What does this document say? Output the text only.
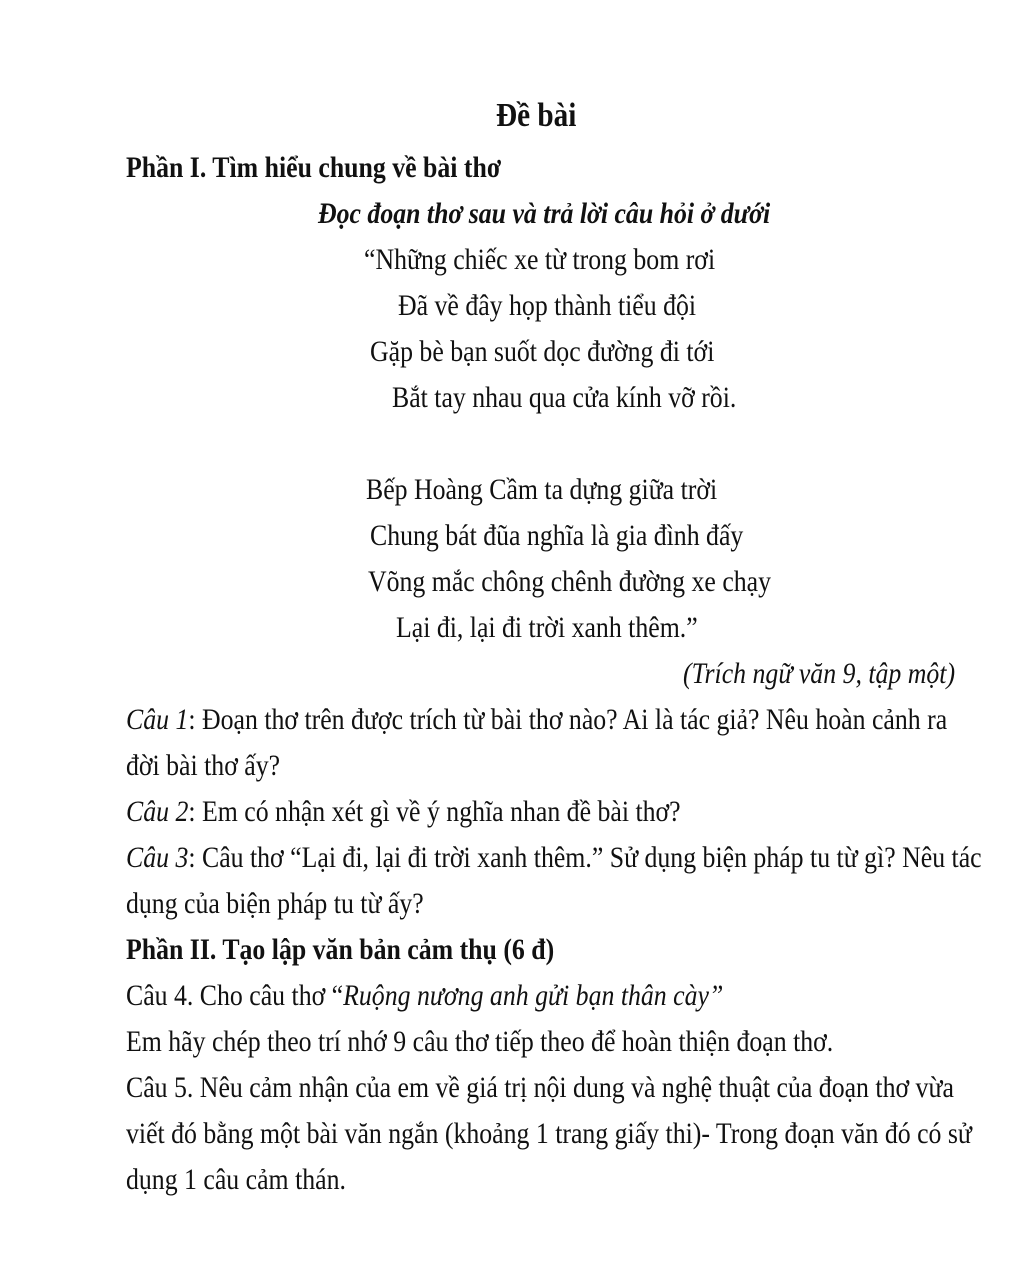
Đề bài
Phần I. Tìm hiểu chung về bài thơ
Đọc đoạn thơ sau và trả lời câu hỏi ở dưới
“Những chiếc xe từ trong bom rơi
Đã về đây họp thành tiểu đội
Gặp bè bạn suốt dọc đường đi tới
Bắt tay nhau qua cửa kính vỡ rồi.
Bếp Hoàng Cầm ta dựng giữa trời
Chung bát đũa nghĩa là gia đình đấy
Võng mắc chông chênh đường xe chạy
Lại đi, lại đi trời xanh thêm.”
(Trích ngữ văn 9, tập một)
Câu 1: Đoạn thơ trên được trích từ bài thơ nào? Ai là tác giả? Nêu hoàn cảnh ra
đời bài thơ ấy?
Câu 2: Em có nhận xét gì về ý nghĩa nhan đề bài thơ?
Câu 3: Câu thơ “Lại đi, lại đi trời xanh thêm.” Sử dụng biện pháp tu từ gì? Nêu tác
dụng của biện pháp tu từ ấy?
Phần II. Tạo lập văn bản cảm thụ (6 đ)
Câu 4. Cho câu thơ “Ruộng nương anh gửi bạn thân cày”
Em hãy chép theo trí nhớ 9 câu thơ tiếp theo để hoàn thiện đoạn thơ.
Câu 5. Nêu cảm nhận của em về giá trị nội dung và nghệ thuật của đoạn thơ vừa
viết đó bằng một bài văn ngắn (khoảng 1 trang giấy thi)- Trong đoạn văn đó có sử
dụng 1 câu cảm thán.
